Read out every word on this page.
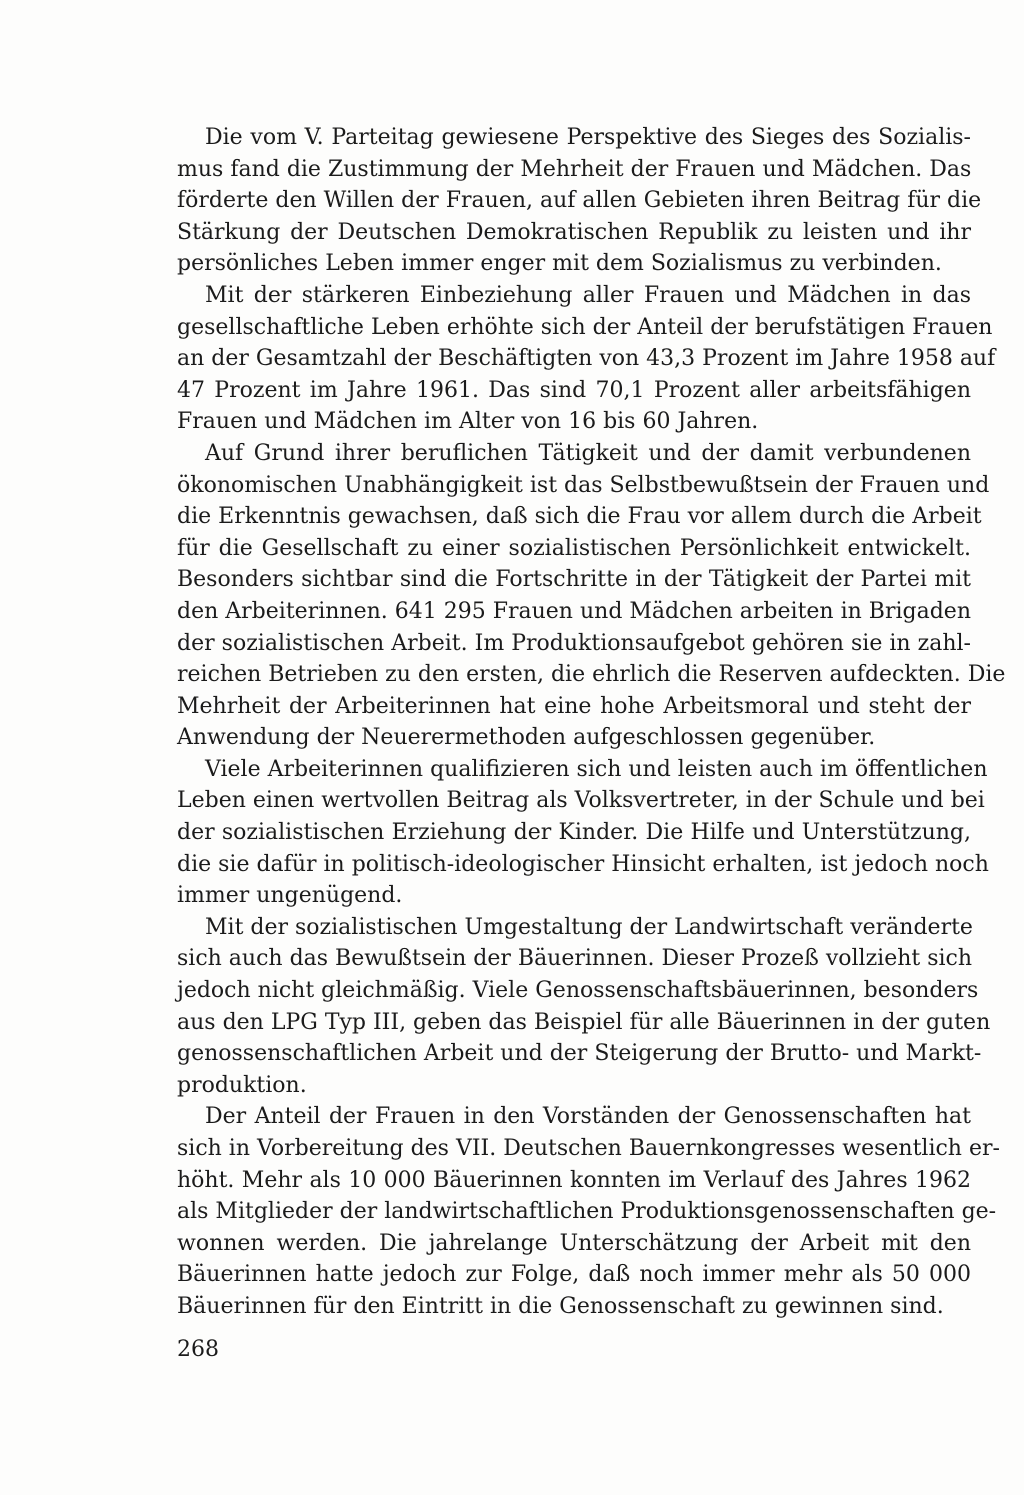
Die vom V. Parteitag gewiesene Perspektive des Sieges des Sozialis-
mus fand die Zustimmung der Mehrheit der Frauen und Mädchen. Das
förderte den Willen der Frauen, auf allen Gebieten ihren Beitrag für die
Stärkung der Deutschen Demokratischen Republik zu leisten und ihr
persönliches Leben immer enger mit dem Sozialismus zu verbinden.
Mit der stärkeren Einbeziehung aller Frauen und Mädchen in das
gesellschaftliche Leben erhöhte sich der Anteil der berufstätigen Frauen
an der Gesamtzahl der Beschäftigten von 43,3 Prozent im Jahre 1958 auf
47 Prozent im Jahre 1961. Das sind 70,1 Prozent aller arbeitsfähigen
Frauen und Mädchen im Alter von 16 bis 60 Jahren.
Auf Grund ihrer beruflichen Tätigkeit und der damit verbundenen
ökonomischen Unabhängigkeit ist das Selbstbewußtsein der Frauen und
die Erkenntnis gewachsen, daß sich die Frau vor allem durch die Arbeit
für die Gesellschaft zu einer sozialistischen Persönlichkeit entwickelt.
Besonders sichtbar sind die Fortschritte in der Tätigkeit der Partei mit
den Arbeiterinnen. 641 295 Frauen und Mädchen arbeiten in Brigaden
der sozialistischen Arbeit. Im Produktionsaufgebot gehören sie in zahl-
reichen Betrieben zu den ersten, die ehrlich die Reserven aufdeckten. Die
Mehrheit der Arbeiterinnen hat eine hohe Arbeitsmoral und steht der
Anwendung der Neuerermethoden aufgeschlossen gegenüber.
Viele Arbeiterinnen qualifizieren sich und leisten auch im öffentlichen
Leben einen wertvollen Beitrag als Volksvertreter, in der Schule und bei
der sozialistischen Erziehung der Kinder. Die Hilfe und Unterstützung,
die sie dafür in politisch-ideologischer Hinsicht erhalten, ist jedoch noch
immer ungenügend.
Mit der sozialistischen Umgestaltung der Landwirtschaft veränderte
sich auch das Bewußtsein der Bäuerinnen. Dieser Prozeß vollzieht sich
jedoch nicht gleichmäßig. Viele Genossenschaftsbäuerinnen, besonders
aus den LPG Typ III, geben das Beispiel für alle Bäuerinnen in der guten
genossenschaftlichen Arbeit und der Steigerung der Brutto- und Markt-
produktion.
Der Anteil der Frauen in den Vorständen der Genossenschaften hat
sich in Vorbereitung des VII. Deutschen Bauernkongresses wesentlich er-
höht. Mehr als 10 000 Bäuerinnen konnten im Verlauf des Jahres 1962
als Mitglieder der landwirtschaftlichen Produktionsgenossenschaften ge-
wonnen werden. Die jahrelange Unterschätzung der Arbeit mit den
Bäuerinnen hatte jedoch zur Folge, daß noch immer mehr als 50 000
Bäuerinnen für den Eintritt in die Genossenschaft zu gewinnen sind.
268
